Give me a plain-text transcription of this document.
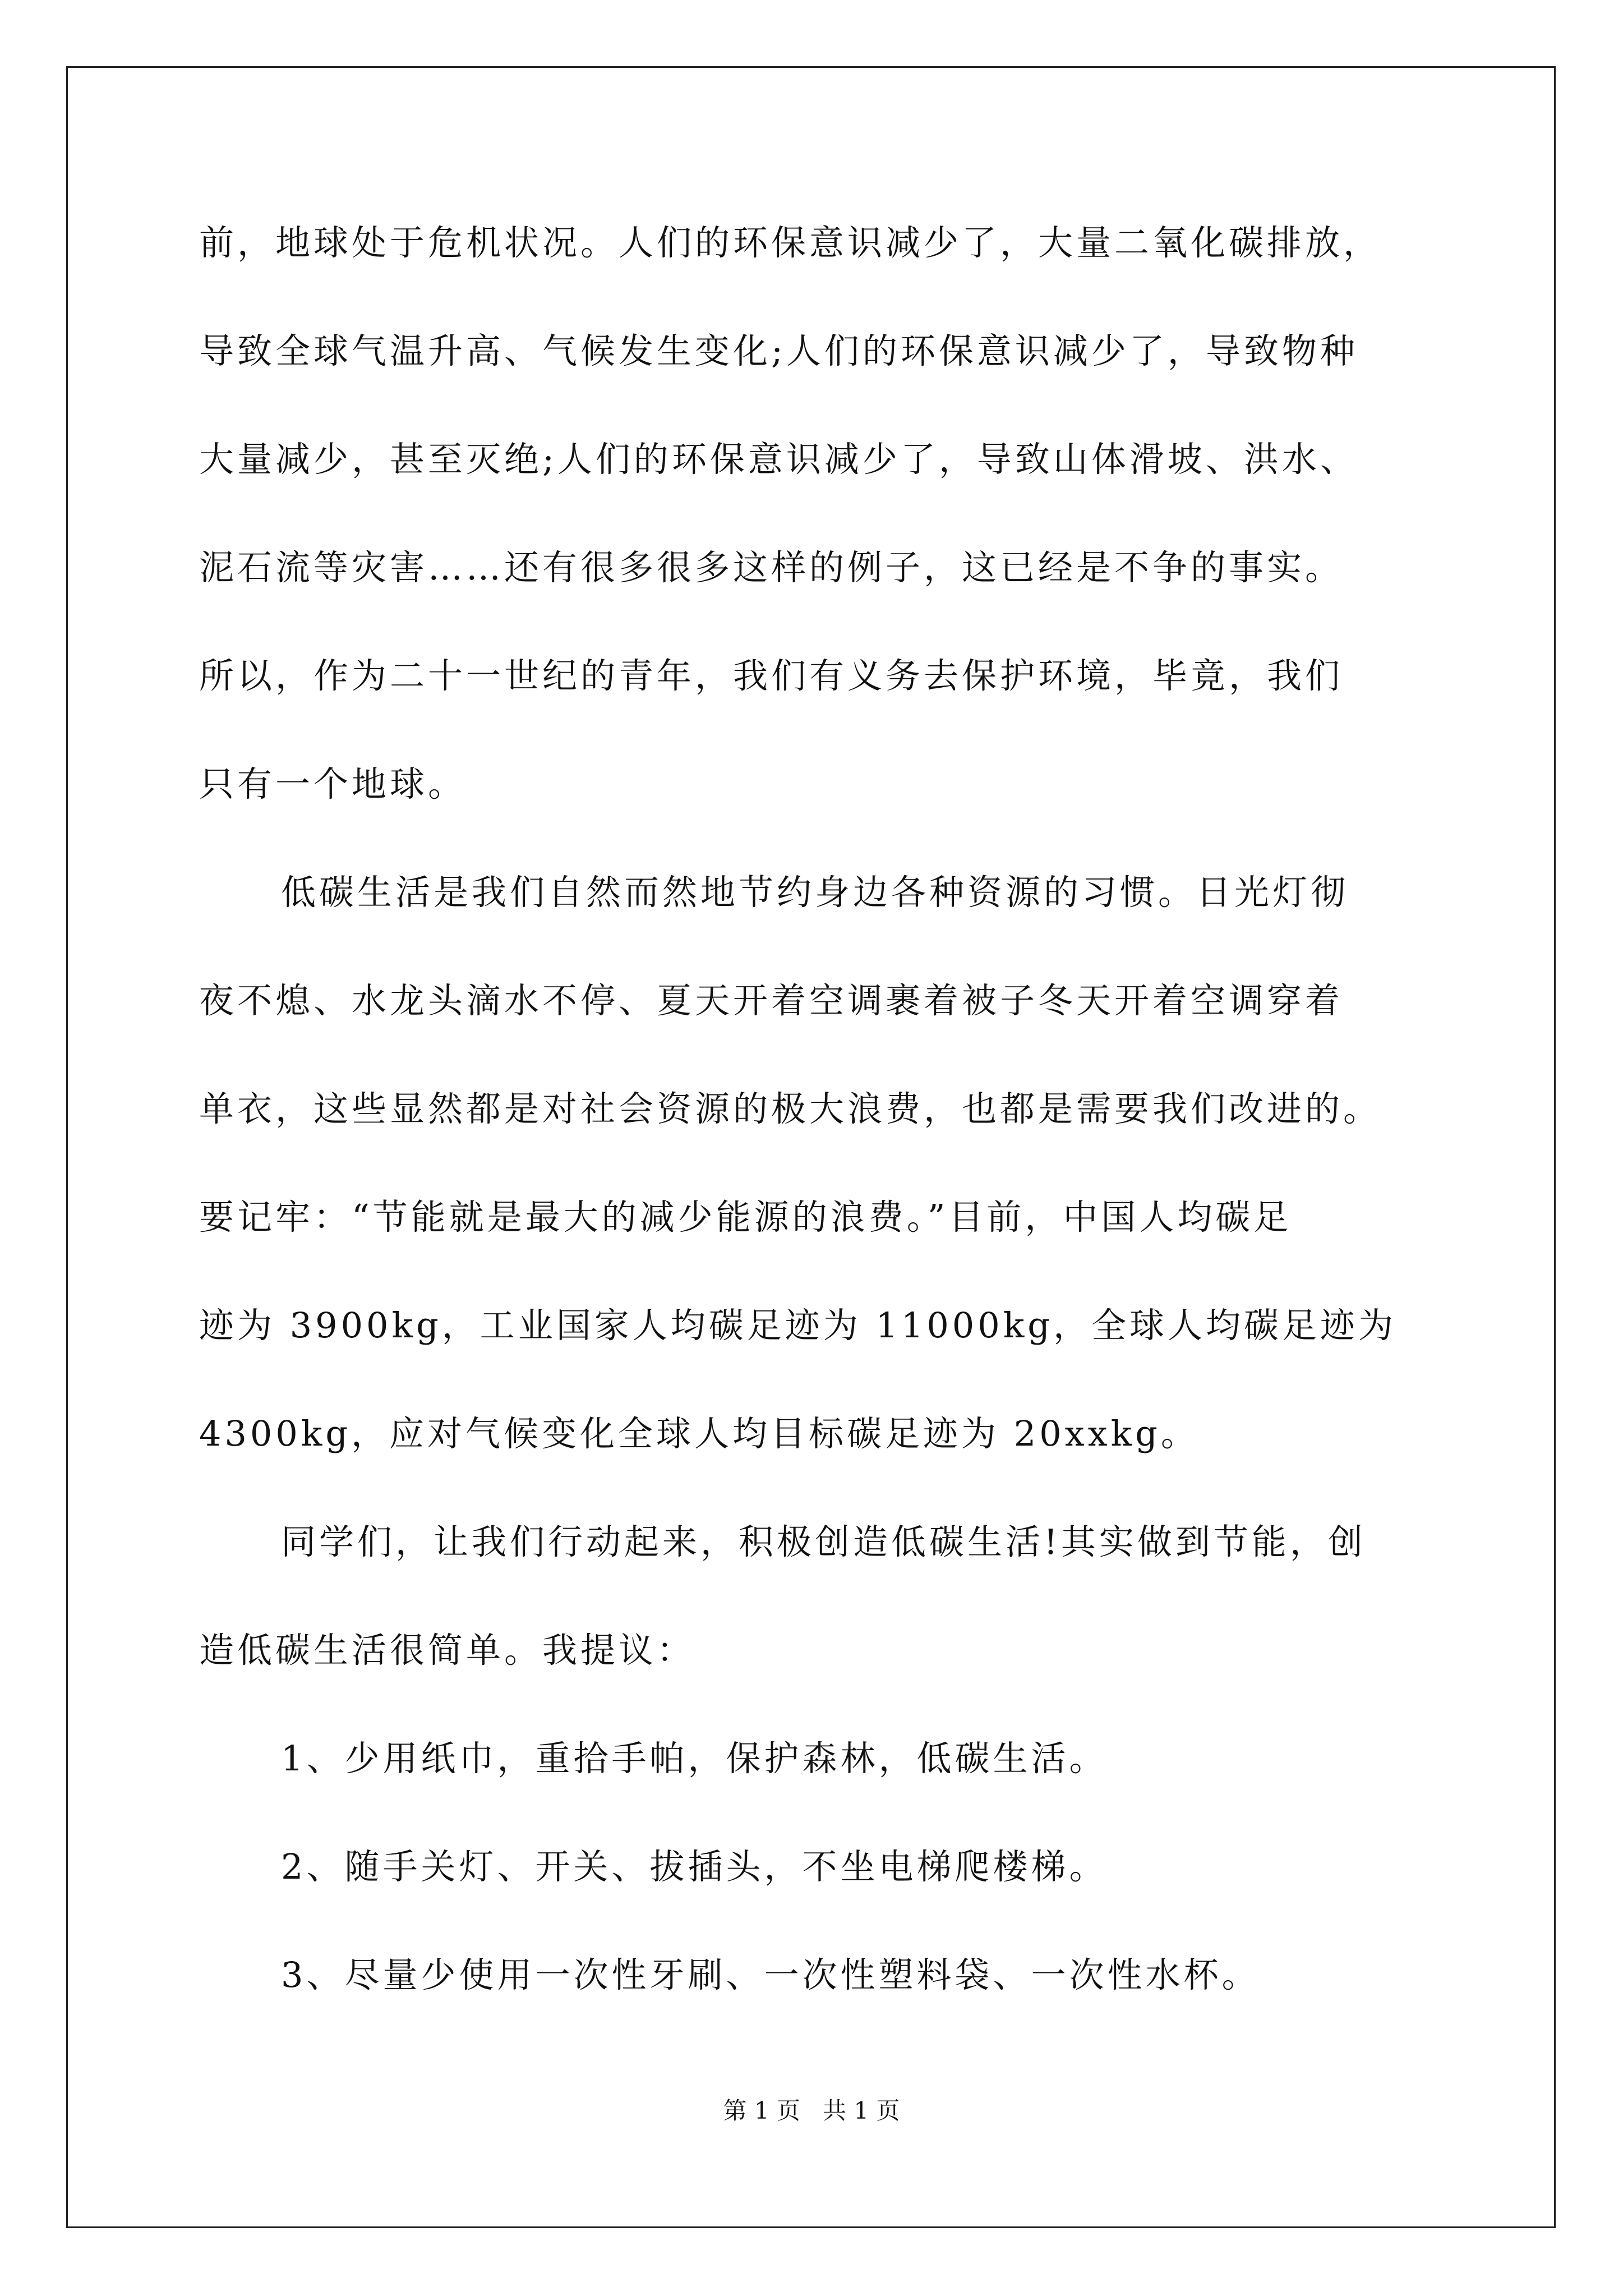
前，地球处于危机状况。人们的环保意识减少了，大量二氧化碳排放，
导致全球气温升高、气候发生变化;人们的环保意识减少了，导致物种
大量减少，甚至灭绝;人们的环保意识减少了，导致山体滑坡、洪水、
泥石流等灾害……还有很多很多这样的例子，这已经是不争的事实。
所以，作为二十一世纪的青年，我们有义务去保护环境，毕竟，我们
只有一个地球。
低碳生活是我们自然而然地节约身边各种资源的习惯。日光灯彻
夜不熄、水龙头滴水不停、夏天开着空调裹着被子冬天开着空调穿着
单衣，这些显然都是对社会资源的极大浪费，也都是需要我们改进的。
要记牢：“节能就是最大的减少能源的浪费。”目前，中国人均碳足
迹为 3900kg，工业国家人均碳足迹为 11000kg，全球人均碳足迹为
4300kg，应对气候变化全球人均目标碳足迹为 20xxkg。
同学们，让我们行动起来，积极创造低碳生活!其实做到节能，创
造低碳生活很简单。我提议：
1、少用纸巾，重拾手帕，保护森林，低碳生活。
2、随手关灯、开关、拔插头，不坐电梯爬楼梯。
3、尽量少使用一次性牙刷、一次性塑料袋、一次性水杯。
第 1 页   共 1 页
